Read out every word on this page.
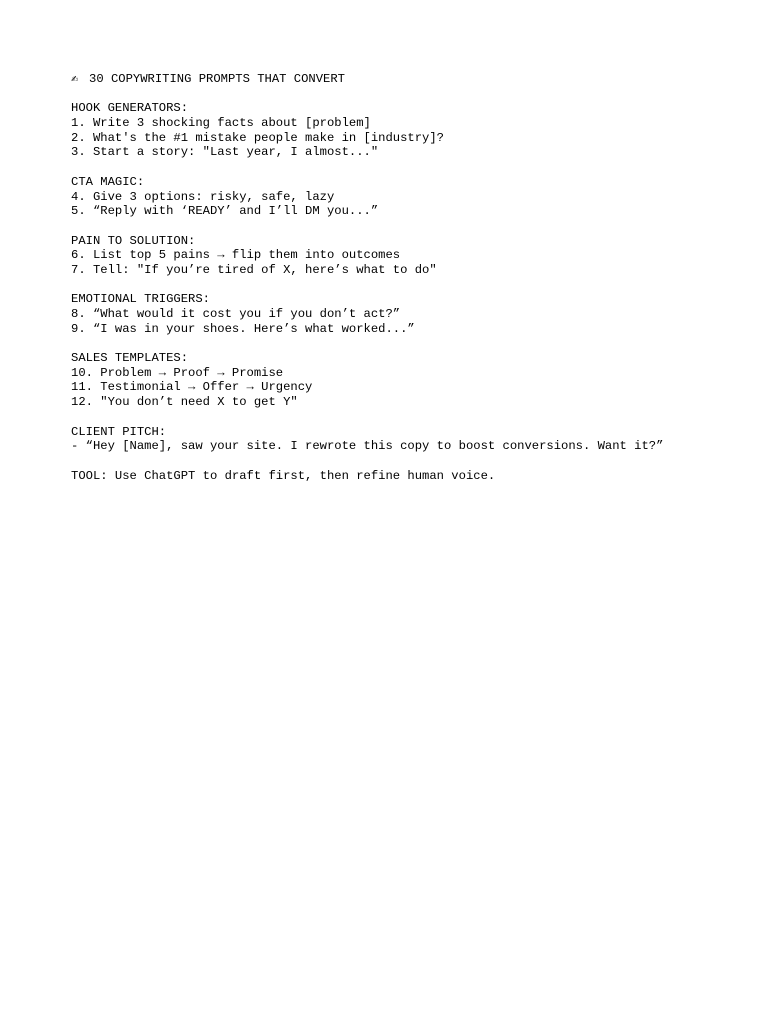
✍ 30 COPYWRITING PROMPTS THAT CONVERT
HOOK GENERATORS:
1. Write 3 shocking facts about [problem]
2. What's the #1 mistake people make in [industry]?
3. Start a story: "Last year, I almost..."
CTA MAGIC:
4. Give 3 options: risky, safe, lazy
5. “Reply with ‘READY’ and I’ll DM you...”
PAIN TO SOLUTION:
6. List top 5 pains → flip them into outcomes
7. Tell: "If you’re tired of X, here’s what to do"
EMOTIONAL TRIGGERS:
8. “What would it cost you if you don’t act?”
9. “I was in your shoes. Here’s what worked...”
SALES TEMPLATES:
10. Problem → Proof → Promise
11. Testimonial → Offer → Urgency
12. "You don’t need X to get Y"
CLIENT PITCH:
- “Hey [Name], saw your site. I rewrote this copy to boost conversions. Want it?”
TOOL: Use ChatGPT to draft first, then refine human voice.
